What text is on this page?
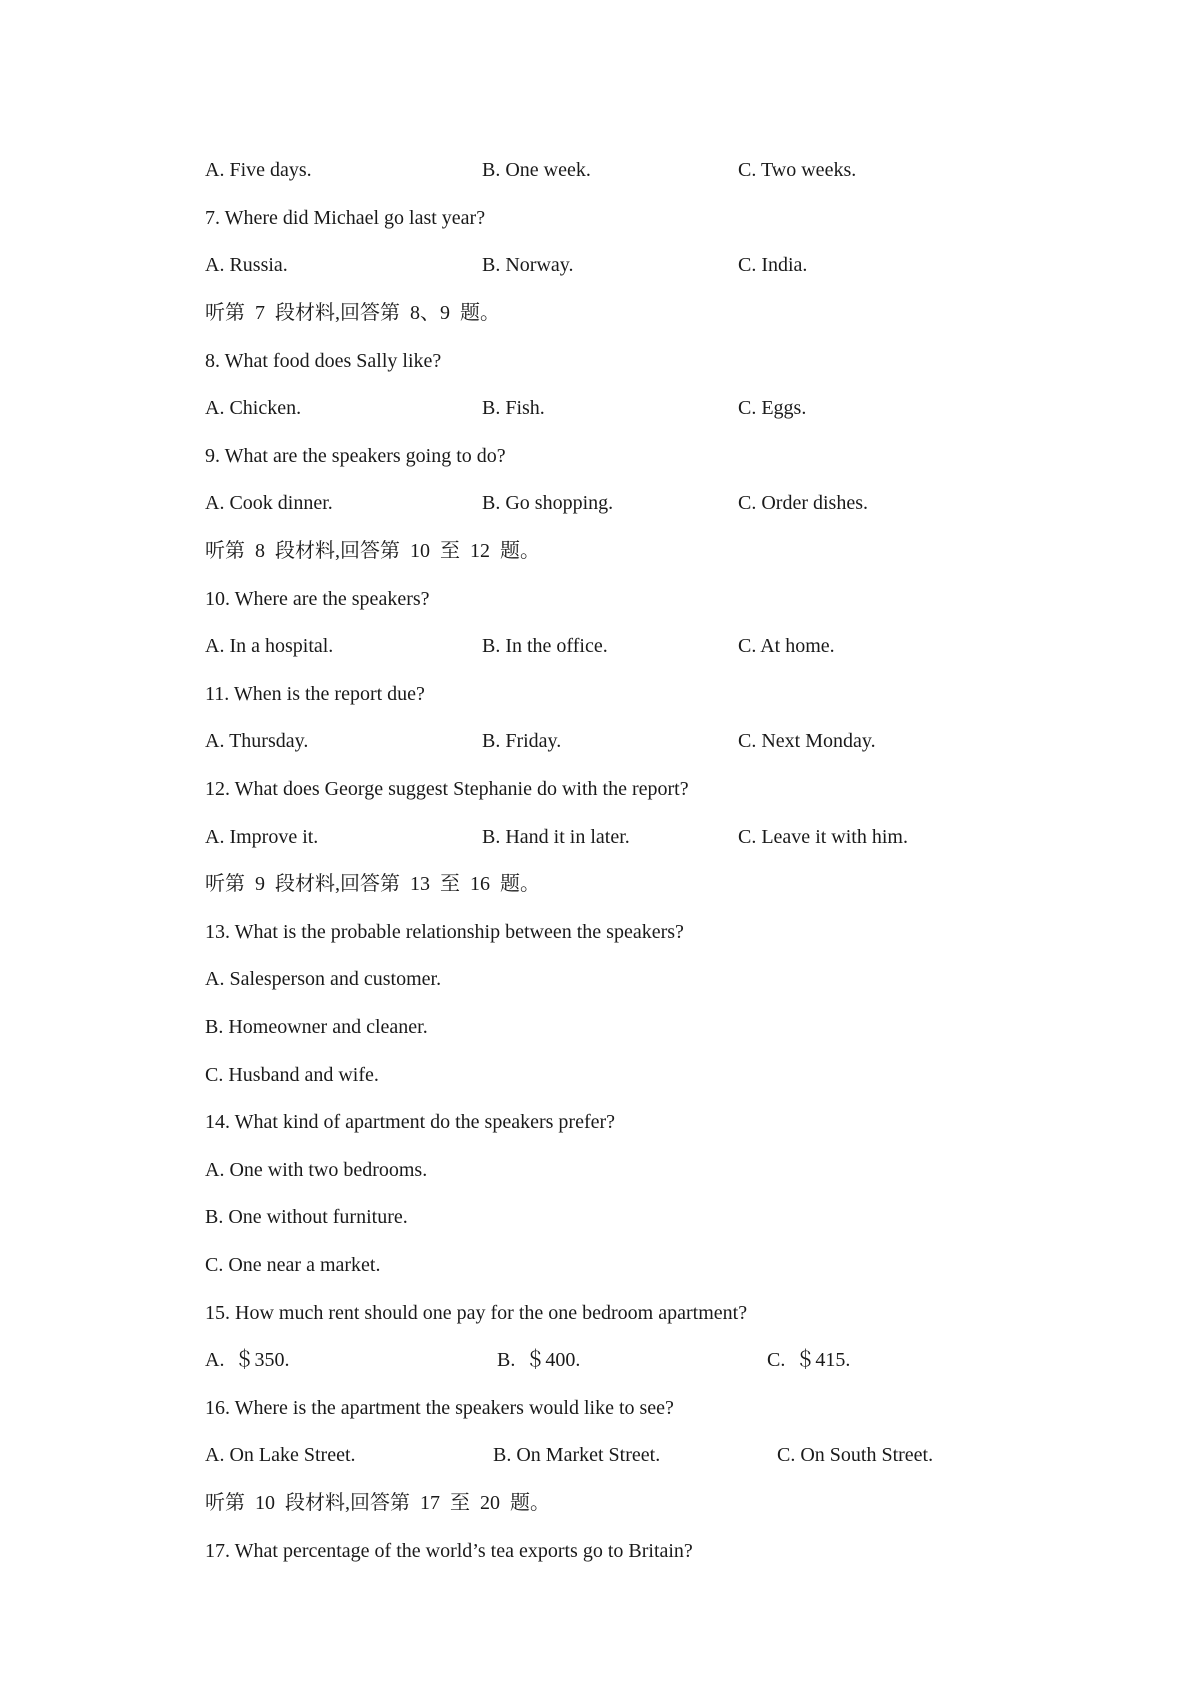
A. Five days.	B. One week.	C. Two weeks.
7. Where did Michael go last year?
A. Russia.	B. Norway.	C. India.
听第  7  段材料,回答第  8、9  题。
8. What food does Sally like?
A. Chicken.	B. Fish.	C. Eggs.
9. What are the speakers going to do?
A. Cook dinner.	B. Go shopping.	C. Order dishes.
听第  8  段材料,回答第  10  至  12  题。
10. Where are the speakers?
A. In a hospital.	B. In the office.	C. At home.
11. When is the report due?
A. Thursday.	B. Friday.	C. Next Monday.
12. What does George suggest Stephanie do with the report?
A. Improve it.	B. Hand it in later.	C. Leave it with him.
听第  9  段材料,回答第  13  至  16  题。
13. What is the probable relationship between the speakers?
A. Salesperson and customer.
B. Homeowner and cleaner.
C. Husband and wife.
14. What kind of apartment do the speakers prefer?
A. One with two bedrooms.
B. One without furniture.
C. One near a market.
15. How much rent should one pay for the one bedroom apartment?
A.  ＄350.	B.  ＄400.	C.  ＄415.
16. Where is the apartment the speakers would like to see?
A. On Lake Street.	B. On Market Street.	C. On South Street.
听第  10  段材料,回答第  17  至  20  题。
17. What percentage of the world’s tea exports go to Britain?
